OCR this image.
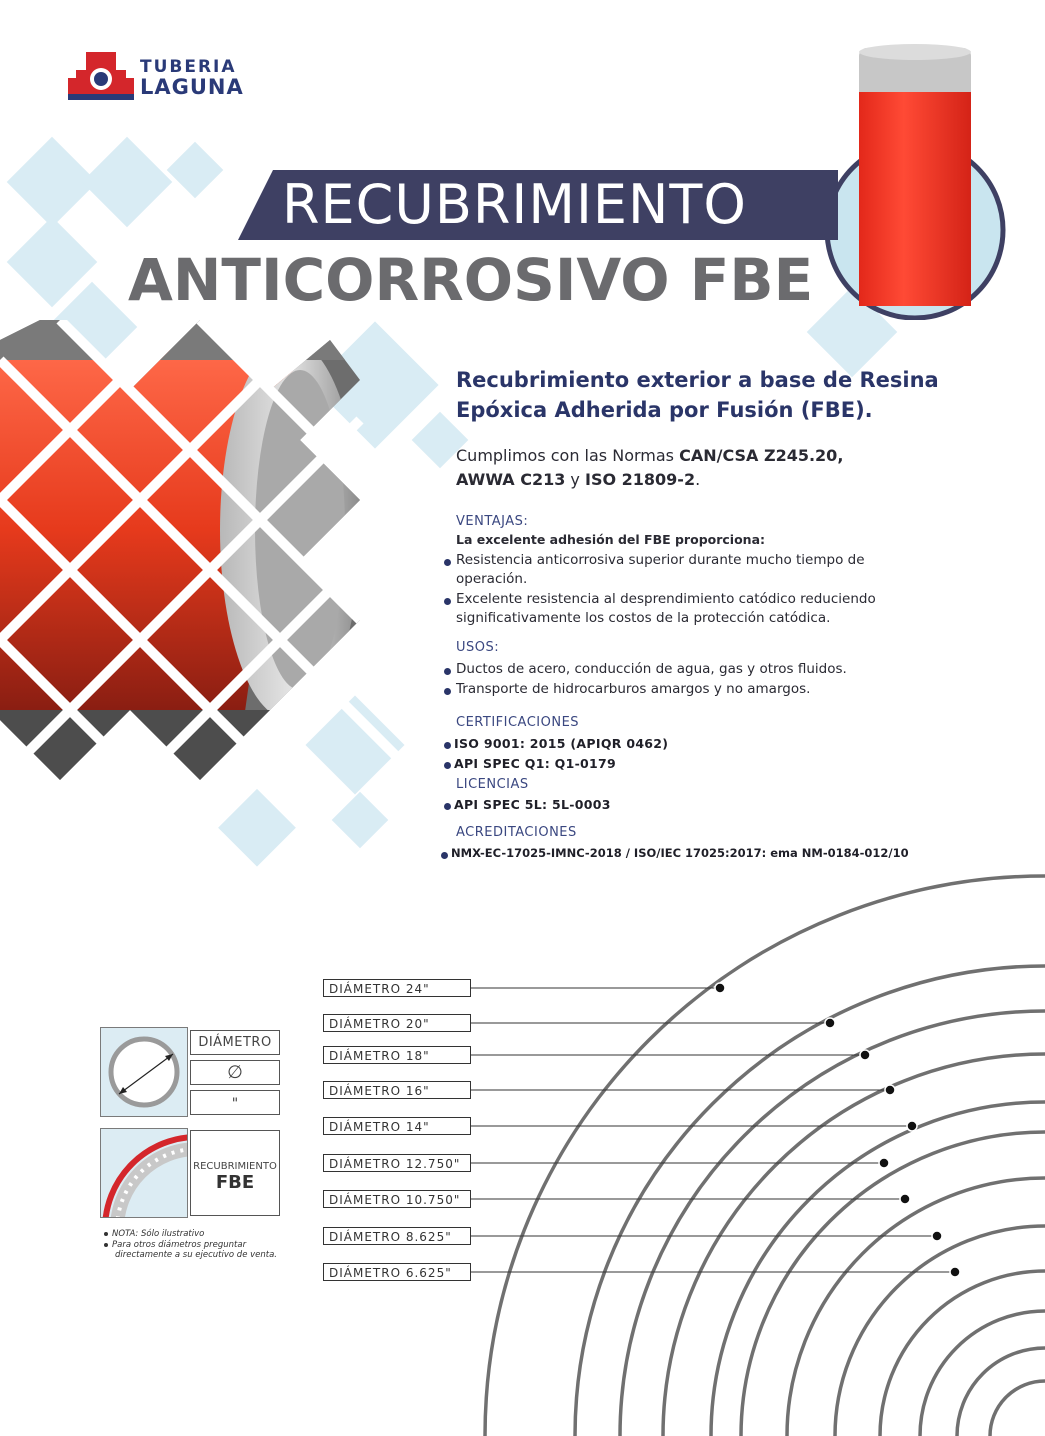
TUBERIA
LAGUNA
RECUBRIMIENTO
ANTICORROSIVO FBE
Recubrimiento exterior a base de Resina
Epóxica Adherida por Fusión (FBE).
Cumplimos con las Normas CAN/CSA Z245.20,
AWWA C213 y ISO 21809-2.
VENTAJAS:
La excelente adhesión del FBE proporciona:
Resistencia anticorrosiva superior durante mucho tiempo de
operación.
Excelente resistencia al desprendimiento catódico reduciendo
significativamente los costos de la protección catódica.
USOS:
Ductos de acero, conducción de agua, gas y otros fluidos.
Transporte de hidrocarburos amargos y no amargos.
CERTIFICACIONES
ISO 9001: 2015 (APIQR 0462)
API SPEC Q1: Q1-0179
LICENCIAS
API SPEC 5L: 5L-0003
ACREDITACIONES
NMX-EC-17025-IMNC-2018 / ISO/IEC 17025:2017: ema NM-0184-012/10
DIÁMETRO 24"
DIÁMETRO 20"
DIÁMETRO 18"
DIÁMETRO 16"
DIÁMETRO 14"
DIÁMETRO 12.750"
DIÁMETRO 10.750"
DIÁMETRO 8.625"
DIÁMETRO 6.625"
DIÁMETRO
∅
"
RECUBRIMIENTO
FBE
NOTA: Sólo ilustrativo
Para otros diámetros preguntar
directamente a su ejecutivo de venta.
